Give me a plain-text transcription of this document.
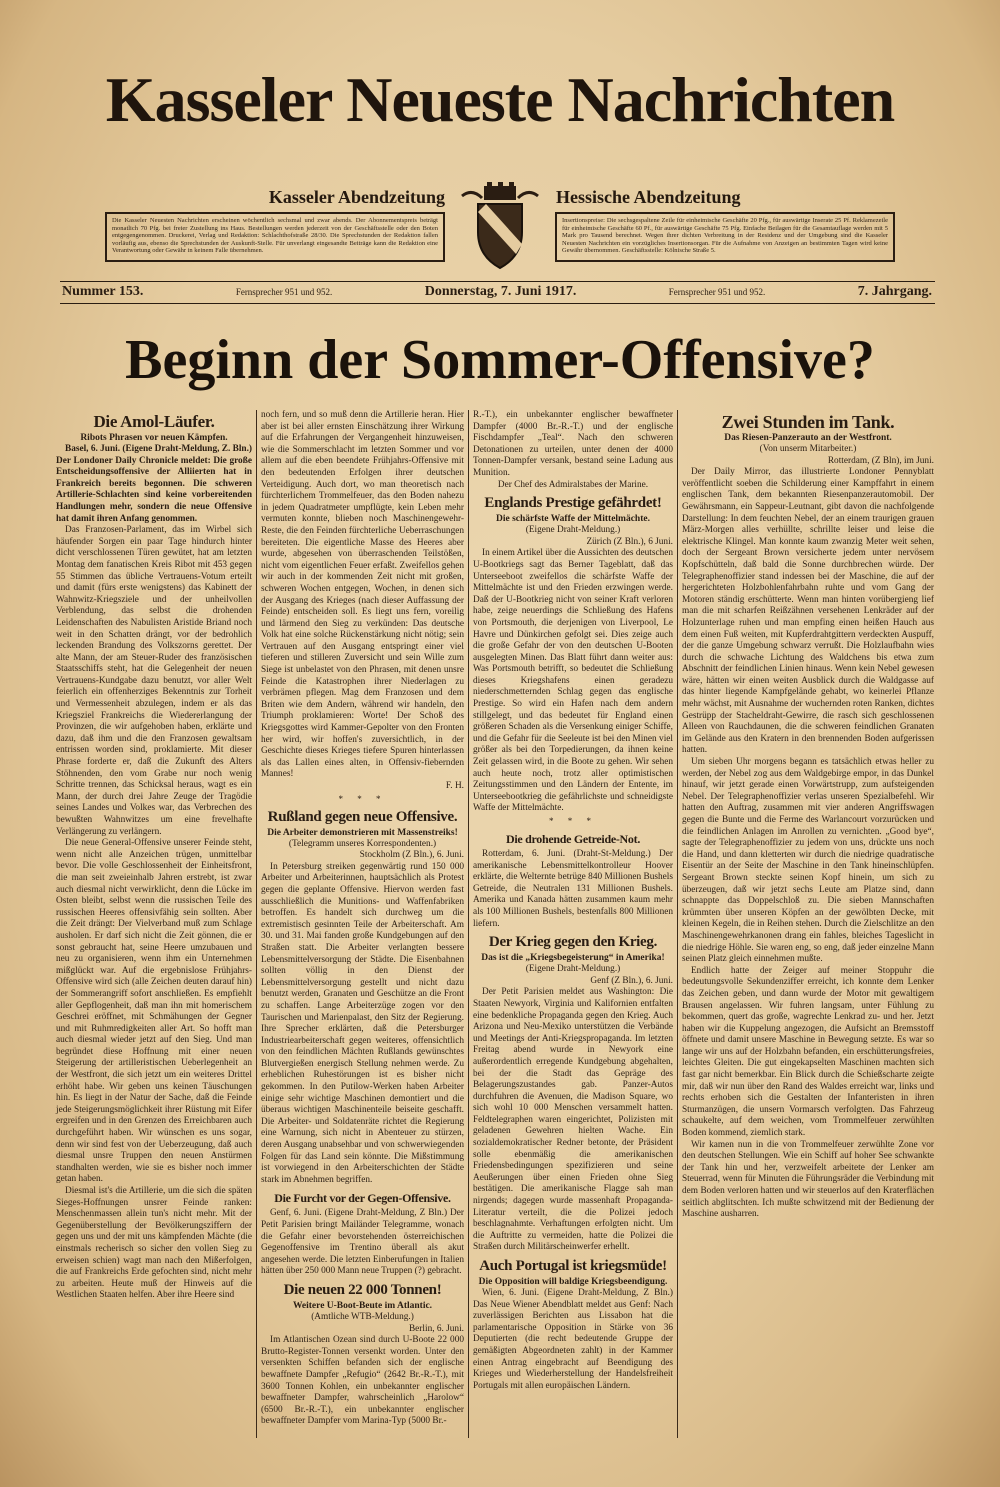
Kasseler Neueste Nachrichten
Kasseler Abendzeitung	Hessische Abendzeitung
Die Kasseler Neuesten Nachrichten erscheinen wöchentlich sechsmal und zwar abends. Der Abonnementspreis beträgt monatlich 70 Pfg. bei freier Zustellung ins Haus. Bestellungen werden jederzeit von der Geschäftsstelle oder den Boten entgegengenommen. Druckerei, Verlag und Redaktion: Schlachthofstraße 28/30. Die Sprechstunden der Redaktion fallen vorläufig aus, ebenso die Sprechstunden der Auskunft-Stelle. Für unverlangt eingesandte Beiträge kann die Redaktion eine Verantwortung oder Gewähr in keinem Falle übernehmen.
Insertionspreise: Die sechsgespaltene Zeile für einheimische Geschäfte 20 Pfg., für auswärtige Inserate 25 Pf. Reklamezeile für einheimische Geschäfte 60 Pf., für auswärtige Geschäfte 75 Pfg. Einfache Beilagen für die Gesamtauflage werden mit 5 Mark pro Tausend berechnet. Wegen ihrer dichten Verbreitung in der Residenz und der Umgebung sind die Kasseler Neuesten Nachrichten ein vorzügliches Insertionsorgan. Für die Aufnahme von Anzeigen an bestimmten Tagen wird keine Gewähr übernommen. Geschäftsstelle: Kölnische Straße 5.
Nummer 153.	Fernsprecher 951 und 952.	Donnerstag, 7. Juni 1917.	Fernsprecher 951 und 952.	7. Jahrgang.
Beginn der Sommer-Offensive?
Die Amol-Läufer.
Ribots Phrasen vor neuen Kämpfen.

Basel, 6. Juni. (Eigene Draht-Meldung, Z. Bln.) Der Londoner Daily Chronicle meldet: Die große Entscheidungsoffensive der Alliierten hat in Frankreich bereits begonnen. Die schweren Artillerie-Schlachten sind keine vorbereitenden Handlungen mehr, sondern die neue Offensive hat damit ihren Anfang genommen.

Das Franzosen-Parlament, das im Wirbel sich häufender Sorgen ein paar Tage hindurch hinter dicht verschlossenen Türen gewütet, hat am letzten Montag dem fanatischen Kreis Ribot mit 453 gegen 55 Stimmen das übliche Vertrauens-Votum erteilt und damit (fürs erste wenigstens) das Kabinett der Wahnwitz-Kriegsziele und der unheilvollen Verblendung, das selbst die drohenden Leidenschaften des Nabulisten Aristide Briand noch weit in den Schatten drängt, vor der bedrohlich leckenden Brandung des Volkszorns gerettet. Der alte Mann, der am Steuer-Ruder des französischen Staatsschiffs steht, hat die Gelegenheit der neuen Vertrauens-Kundgabe dazu benutzt, vor aller Welt feierlich ein offenherziges Bekenntnis zur Torheit und Vermessenheit abzulegen, indem er als das Kriegsziel Frankreichs die Wiedererlangung der Provinzen, die wir aufgehoben haben, erklärte und dazu, daß ihm und die den Franzosen gewaltsam entrissen worden sind, proklamierte. Mit dieser Phrase forderte er, daß die Zukunft des Alters Stöhnenden, den vom Grabe nur noch wenig Schritte trennen, das Schicksal heraus, wagt es ein Mann, der durch drei Jahre Zeuge der Tragödie seines Landes und Volkes war, das Verbrechen des bewußten Wahnwitzes um eine frevelhafte Verlängerung zu verlängern.

Die neue General-Offensive unserer Feinde steht, wenn nicht alle Anzeichen trügen, unmittelbar bevor. Die volle Geschlossenheit der Einheitsfront, die man seit zweieinhalb Jahren erstrebt, ist zwar auch diesmal nicht verwirklicht, denn die Lücke im Osten bleibt, selbst wenn die russischen Teile des russischen Heeres offensivfähig sein sollten. Aber die Zeit drängt: Der Vielverband muß zum Schlage ausholen. Er darf sich nicht die Zeit gönnen, die er sonst gebraucht hat, seine Heere umzubauen und neu zu organisieren, wenn ihm ein Unternehmen mißglückt war. Auf die ergebnislose Frühjahrs-Offensive wird sich (alle Zeichen deuten darauf hin) der Sommerangriff sofort anschließen. Es empfiehlt aller Gepflogenheit, daß man ihn mit homerischem Geschrei eröffnet, mit Schmähungen der Gegner und mit Ruhmredigkeiten aller Art. So hofft man auch diesmal wieder jetzt auf den Sieg. Und man begründet diese Hoffnung mit einer neuen Steigerung der artilleristischen Ueberlegenheit an der Westfront, die sich jetzt um ein weiteres Drittel erhöht habe. Wir geben uns keinen Täuschungen hin. Es liegt in der Natur der Sache, daß die Feinde jede Steigerungsmöglichkeit ihrer Rüstung mit Eifer ergreifen und in den Grenzen des Erreichbaren auch durchgeführt haben. Wir wünschen es uns sogar, denn wir sind fest von der Ueberzeugung, daß auch diesmal unsre Truppen den neuen Anstürmen standhalten werden, wie sie es bisher noch immer getan haben.

Diesmal ist's die Artillerie, um die sich die späten Sieges-Hoffnungen unsrer Feinde ranken: Menschenmassen allein tun's nicht mehr. Mit der Gegenüberstellung der Bevölkerungsziffern der gegen uns und der mit uns kämpfenden Mächte (die einstmals recherisch so sicher den vollen Sieg zu erweisen schien) wagt man nach den Mißerfolgen, die auf Frankreichs Erde gefochten sind, nicht mehr zu arbeiten. Heute muß der Hinweis auf die Westlichen Staaten helfen. Aber ihre Heere sind

noch fern, und so muß denn die Artillerie heran. Hier aber ist bei aller ernsten Einschätzung ihrer Wirkung auf die Erfahrungen der Vergangenheit hinzuweisen, wie die Sommerschlacht im letzten Sommer und vor allem auf die eben beendete Frühjahrs-Offensive mit den bedeutenden Erfolgen ihrer deutschen Verteidigung. Auch dort, wo man theoretisch nach fürchterlichem Trommelfeuer, das den Boden nahezu in jedem Quadratmeter umpflügte, kein Leben mehr vermuten konnte, blieben noch Maschinengewehr-Reste, die den Feinden fürchterliche Ueberraschungen bereiteten. Die eigentliche Masse des Heeres aber wurde, abgesehen von überraschenden Teilstößen, nicht vom eigentlichen Feuer erfaßt. Zweifellos gehen wir auch in der kommenden Zeit nicht mit großen, schweren Wochen entgegen, Wochen, in denen sich der Ausgang des Krieges (nach dieser Auffassung der Feinde) entscheiden soll. Es liegt uns fern, voreilig und lärmend den Sieg zu verkünden: Das deutsche Volk hat eine solche Rückenstärkung nicht nötig; sein Vertrauen auf den Ausgang entspringt einer viel tieferen und stilleren Zuversicht und sein Wille zum Siege ist unbelastet von den Phrasen, mit denen unsre Feinde die Katastrophen ihrer Niederlagen zu verbrämen pflegen. Mag dem Franzosen und dem Briten wie dem Andern, während wir handeln, den Triumph proklamieren: Worte! Der Schoß des Kriegsgottes wird Kammer-Gepolter von den Fronten her wird, wir hoffen's zuversichtlich, in der Geschichte dieses Krieges tiefere Spuren hinterlassen als das Lallen eines alten, in Offensiv-fiebernden Mannes!

F. H.
* * *
Rußland gegen neue Offensive.
Die Arbeiter demonstrieren mit Massenstreiks!
(Telegramm unseres Korrespondenten.)
Stockholm (Z Bln.), 6. Juni.

In Petersburg streiken gegenwärtig rund 150 000 Arbeiter und Arbeiterinnen, hauptsächlich als Protest gegen die geplante Offensive. Hiervon werden fast ausschließlich die Munitions- und Waffenfabriken betroffen. Es handelt sich durchweg um die extremistisch gesinnten Teile der Arbeiterschaft. Am 30. und 31. Mai fanden große Kundgebungen auf den Straßen statt. Die Arbeiter verlangten bessere Lebensmittelversorgung der Städte. Die Eisenbahnen sollten völlig in den Dienst der Lebensmittelversorgung gestellt und nicht dazu benutzt werden, Granaten und Geschütze an die Front zu schaffen. Lange Arbeiterzüge zogen vor den Taurischen und Marienpalast, den Sitz der Regierung. Ihre Sprecher erklärten, daß die Petersburger Industriearbeiterschaft gegen weiteres, offensichtlich von den feindlichen Mächten Rußlands gewünschtes Blutvergießen energisch Stellung nehmen werde. Zu erheblichen Ruhestörungen ist es bisher nicht gekommen. In den Putilow-Werken haben Arbeiter einige sehr wichtige Maschinen demontiert und die überaus wichtigen Maschinenteile beiseite geschafft. Die Arbeiter- und Soldatenräte richtet die Regierung eine Warnung, sich nicht in Abenteuer zu stürzen, deren Ausgang unabsehbar und von schwerwiegenden Folgen für das Land sein könnte. Die Mißstimmung ist vorwiegend in den Arbeiterschichten der Städte stark im Abnehmen begriffen.

Die Furcht vor der Gegen-Offensive.

Genf, 6. Juni. (Eigene Draht-Meldung, Z Bln.) Der Petit Parisien bringt Mailänder Telegramme, wonach die Gefahr einer bevorstehenden österreichischen Gegenoffensive im Trentino überall als akut angesehen werde. Die letzten Einberufungen in Italien hätten über 250 000 Mann neue Truppen (?) gebracht.

Die neuen 22 000 Tonnen!
Weitere U-Boot-Beute im Atlantic.
(Amtliche WTB-Meldung.)
Berlin, 6. Juni.

Im Atlantischen Ozean sind durch U-Boote 22 000 Brutto-Register-Tonnen versenkt worden. Unter den versenkten Schiffen befanden sich der englische bewaffnete Dampfer „Refugio“ (2642 Br.-R.-T.), mit 3600 Tonnen Kohlen, ein unbekannter englischer bewaffneter Dampfer, wahrscheinlich „Harolow“ (6500 Br.-R.-T.), ein unbekannter englischer bewaffneter Dampfer vom Marina-Typ (5000 Br.-

R.-T.), ein unbekannter englischer bewaffneter Dampfer (4000 Br.-R.-T.) und der englische Fischdampfer „Teal“. Nach den schweren Detonationen zu urteilen, unter denen der 4000 Tonnen-Dampfer versank, bestand seine Ladung aus Munition.

Der Chef des Admiralstabes der Marine.
Englands Prestige gefährdet!
Die schärfste Waffe der Mittelmächte.
(Eigene Draht-Meldung.)
Zürich (Z Bln.), 6 Juni.

In einem Artikel über die Aussichten des deutschen U-Bootkriegs sagt das Berner Tageblatt, daß das Unterseeboot zweifellos die schärfste Waffe der Mittelmächte ist und den Frieden erzwingen werde. Daß der U-Bootkrieg nicht von seiner Kraft verloren habe, zeige neuerdings die Schließung des Hafens von Portsmouth, die derjenigen von Liverpool, Le Havre und Dünkirchen gefolgt sei. Dies zeige auch die große Gefahr der von den deutschen U-Booten ausgelegten Minen. Das Blatt führt dann weiter aus: Was Portsmouth betrifft, so bedeutet die Schließung dieses Kriegshafens einen geradezu niederschmetternden Schlag gegen das englische Prestige. So wird ein Hafen nach dem andern stillgelegt, und das bedeutet für England einen größeren Schaden als die Versenkung einiger Schiffe, und die Gefahr für die Seeleute ist bei den Minen viel größer als bei den Torpedierungen, da ihnen keine Zeit gelassen wird, in die Boote zu gehen. Wir sehen auch heute noch, trotz aller optimistischen Zeitungsstimmen und den Ländern der Entente, im Unterseebootkrieg die gefährlichste und schneidigste Waffe der Mittelmächte.

* * *
Die drohende Getreide-Not.

Rotterdam, 6. Juni. (Draht-St-Meldung.) Der amerikanische Lebensmittelkontrolleur Hoover erklärte, die Welternte betrüge 840 Millionen Bushels Getreide, die Neutralen 131 Millionen Bushels. Amerika und Kanada hätten zusammen kaum mehr als 100 Millionen Bushels, bestenfalls 800 Millionen liefern.

Der Krieg gegen den Krieg.
Das ist die „Kriegsbegeisterung“ in Amerika!
(Eigene Draht-Meldung.)
Genf (Z Bln.), 6. Juni.

Der Petit Parisien meldet aus Washington: Die Staaten Newyork, Virginia und Kalifornien entfalten eine bedenkliche Propaganda gegen den Krieg. Auch Arizona und Neu-Mexiko unterstützen die Verbände und Meetings der Anti-Kriegspropaganda. Im letzten Freitag abend wurde in Newyork eine außerordentlich erregende Kundgebung abgehalten, bei der die Stadt das Gepräge des Belagerungszustandes gab. Panzer-Autos durchfuhren die Avenuen, die Madison Square, wo sich wohl 10 000 Menschen versammelt hatten. Feldtelegraphen waren eingerichtet, Polizisten mit geladenen Gewehren hielten Wache. Ein sozialdemokratischer Redner betonte, der Präsident solle ebenmäßig die amerikanischen Friedensbedingungen spezifizieren und seine Aeußerungen über einen Frieden ohne Sieg bestätigen. Die amerikanische Flagge sah man nirgends; dagegen wurde massenhaft Propaganda-Literatur verteilt, die die Polizei jedoch beschlagnahmte. Verhaftungen erfolgten nicht. Um die Auftritte zu vermeiden, hatte die Polizei die Straßen durch Militärscheinwerfer erhellt.

Auch Portugal ist kriegsmüde!
Die Opposition will baldige Kriegsbeendigung.

Wien, 6. Juni. (Eigene Draht-Meldung, Z Bln.) Das Neue Wiener Abendblatt meldet aus Genf: Nach zuverlässigen Berichten aus Lissabon hat die parlamentarische Opposition in Stärke von 36 Deputierten (die recht bedeutende Gruppe der gemäßigten Abgeordneten zahlt) in der Kammer einen Antrag eingebracht auf Beendigung des Krieges und Wiederherstellung der Handelsfreiheit Portugals mit allen europäischen Ländern.

Zwei Stunden im Tank.
Das Riesen-Panzerauto an der Westfront.
(Von unserm Mitarbeiter.)
Rotterdam, (Z Bln), im Juni.

Der Daily Mirror, das illustrierte Londoner Pennyblatt veröffentlicht soeben die Schilderung einer Kampffahrt in einem englischen Tank, dem bekannten Riesenpanzerautomobil. Der Gewährsmann, ein Sappeur-Leutnant, gibt davon die nachfolgende Darstellung: In dem feuchten Nebel, der an einem traurigen grauen März-Morgen alles verhüllte, schrillte leiser und leise die elektrische Klingel. Man konnte kaum zwanzig Meter weit sehen, doch der Sergeant Brown versicherte jedem unter nervösem Kopfschütteln, daß bald die Sonne durchbrechen würde. Der Telegraphenoffizier stand indessen bei der Maschine, die auf der hergerichteten Holzbohlenfahrbahn ruhte und vom Gang der Motoren ständig erschütterte. Wenn man hinten vorübergieng lief man die mit scharfen Reißzähnen versehenen Lenkräder auf der Holzunterlage ruhen und man empfing einen heißen Hauch aus dem einen Fuß weiten, mit Kupferdrahtgittern verdeckten Auspuff, der die ganze Umgebung schwarz verrußt. Die Holzlaufbahn wies durch die schwache Lichtung des Waldchens bis etwa zum Abschnitt der feindlichen Linien hinaus. Wenn kein Nebel gewesen wäre, hätten wir einen weiten Ausblick durch die Waldgasse auf das hinter liegende Kampfgelände gehabt, wo keinerlei Pflanze mehr wächst, mit Ausnahme der wuchernden roten Ranken, dichtes Gestrüpp der Stacheldraht-Gewirre, die rasch sich geschlossenen Alleen von Rauchdaunen, die die schweren feindlichen Granaten im Gelände aus den Kratern in den brennenden Boden aufgerissen hatten.

Um sieben Uhr morgens begann es tatsächlich etwas heller zu werden, der Nebel zog aus dem Waldgebirge empor, in das Dunkel hinauf, wir jetzt gerade einen Vorwärtstrupp, zum aufsteigenden Nebel. Der Telegraphenoffizier verlas unseren Spezialbefehl. Wir hatten den Auftrag, zusammen mit vier anderen Angriffswagen gegen die Bunte und die Ferme des Warlancourt vorzurücken und die feindlichen Anlagen im Anrollen zu vernichten. „Good bye“, sagte der Telegraphenoffizier zu jedem von uns, drückte uns noch die Hand, und dann kletterten wir durch die niedrige quadratische Eisentür an der Seite der Maschine in den Tank hineinschlüpfen. Sergeant Brown steckte seinen Kopf hinein, um sich zu überzeugen, daß wir jetzt sechs Leute am Platze sind, dann schnappte das Doppelschloß zu. Die sieben Mannschaften krümmten über unseren Köpfen an der gewölbten Decke, mit kleinen Kegeln, die in Reihen stehen. Durch die Zielschlitze an den Maschinengewehrkanonen drang ein fahles, bleiches Tageslicht in die niedrige Höhle. Sie waren eng, so eng, daß jeder einzelne Mann seinen Platz gleich einnehmen mußte.

Endlich hatte der Zeiger auf meiner Stoppuhr die bedeutungsvolle Sekundenziffer erreicht, ich konnte dem Lenker das Zeichen geben, und dann wurde der Motor mit gewaltigem Brausen angelassen. Wir fuhren langsam, unter Fühlung zu bekommen, quert das große, wagrechte Lenkrad zu- und her. Jetzt haben wir die Kuppelung angezogen, die Aufsicht an Bremsstoff öffnete und damit unsere Maschine in Bewegung setzte. Es war so lange wir uns auf der Holzbahn befanden, ein erschütterungsfreies, leichtes Gleiten. Die gut eingekapselten Maschinen machten sich fast gar nicht bemerkbar. Ein Blick durch die Schießscharte zeigte mir, daß wir nun über den Rand des Waldes erreicht war, links und rechts erhoben sich die Gestalten der Infanteristen in ihren Sturmanzügen, die unsern Vormarsch verfolgten. Das Fahrzeug schaukelte, auf dem weichen, vom Trommelfeuer zerwühlten Boden kommend, ziemlich stark.

Wir kamen nun in die von Trommelfeuer zerwühlte Zone vor den deutschen Stellungen. Wie ein Schiff auf hoher See schwankte der Tank hin und her, verzweifelt arbeitete der Lenker am Steuerrad, wenn für Minuten die Führungsräder die Verbindung mit dem Boden verloren hatten und wir steuerlos auf den Kraterflächen seitlich abglitschten. Ich mußte schwitzend mit der Bedienung der Maschine ausharren.
